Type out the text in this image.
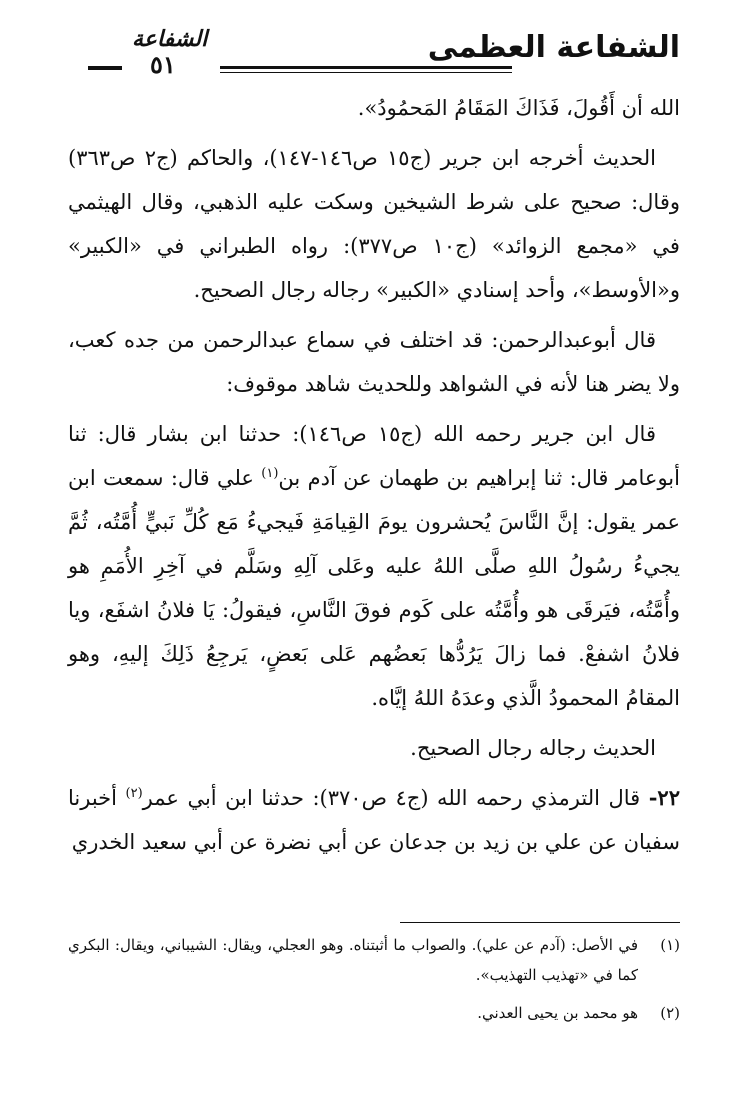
الشفاعة العظمى
الشفاعة
٥١

الله أن أَقُولَ، فَذَاكَ المَقَامُ المَحمُودُ».

الحديث أخرجه ابن جرير (ج١٥ ص١٤٦-١٤٧)، والحاكم (ج٢ ص٣٦٣) وقال: صحيح على شرط الشيخين وسكت عليه الذهبي، وقال الهيثمي في «مجمع الزوائد» (ج١٠ ص٣٧٧): رواه الطبراني في «الكبير» و«الأوسط»، وأحد إسنادي «الكبير» رجاله رجال الصحيح.

قال أبوعبدالرحمن: قد اختلف في سماع عبدالرحمن من جده كعب، ولا يضر هنا لأنه في الشواهد وللحديث شاهد موقوف:

قال ابن جرير رحمه الله (ج١٥ ص١٤٦): حدثنا ابن بشار قال: ثنا أبوعامر قال: ثنا إبراهيم بن طهمان عن آدم بن$^{(١)}$ علي قال: سمعت ابن عمر يقول: إنَّ النَّاسَ يُحشرون يومَ القِيامَةِ فَيجيءُ مَع كُلِّ نَبيٍّ أُمَّتُه، ثُمَّ يجيءُ رسُولُ اللهِ صلَّى اللهُ عليه وعَلى آلِهِ وسَلَّم في آخِرِ الأُمَمِ هو وأُمَّتُه، فيَرقَى هو وأُمَّتُه على كَوم فوقَ النَّاسِ، فيقولُ: يَا فلانُ اشفَع، ويا فلانُ اشفعْ. فما زالَ يَرُدُّها بَعضُهم عَلى بَعضٍ، يَرجِعُ ذَلِكَ إليهِ، وهو المقامُ المحمودُ الَّذي وعدَهُ اللهُ إيَّاه.

الحديث رجاله رجال الصحيح.

٢٢- قال الترمذي رحمه الله (ج٤ ص٣٧٠): حدثنا ابن أبي عمر$^{(٢)}$ أخبرنا سفيان عن علي بن زيد بن جدعان عن أبي نضرة عن أبي سعيد الخدري

(١)
في الأصل: (آدم عن علي). والصواب ما أثبتناه. وهو العجلي، ويقال: الشيباني، ويقال: البكري كما في «تهذيب التهذيب».

(٢)
هو محمد بن يحيى العدني.
